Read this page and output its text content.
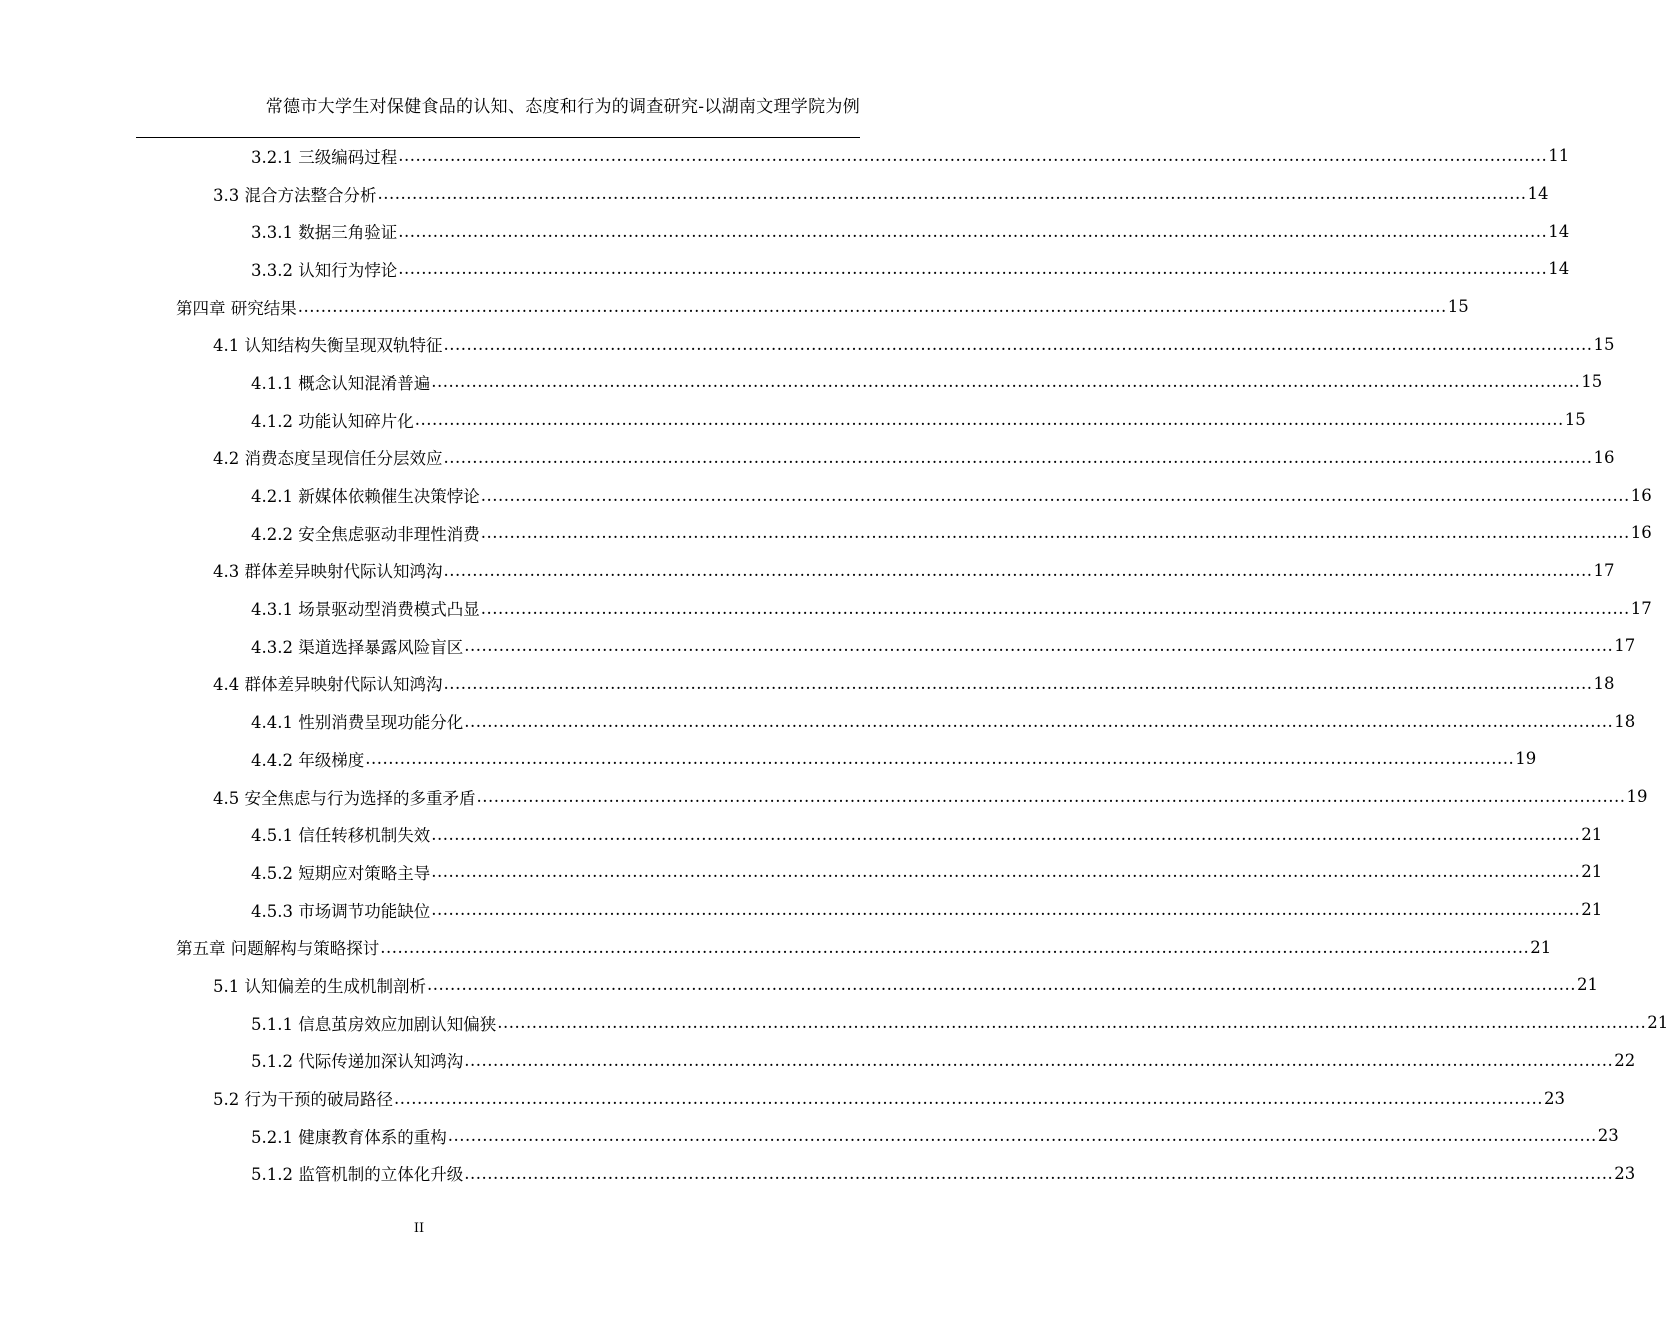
常德市大学生对保健食品的认知、态度和行为的调查研究-以湖南文理学院为例
3.2.1 三级编码过程 ........................................................................................................................................................................................................ 11
3.3 混合方法整合分析 ........................................................................................................................................................................................................ 14
3.3.1 数据三角验证 ........................................................................................................................................................................................................ 14
3.3.2 认知行为悖论 ........................................................................................................................................................................................................ 14
第四章 研究结果 ........................................................................................................................................................................................................ 15
4.1 认知结构失衡呈现双轨特征 ........................................................................................................................................................................................................ 15
4.1.1 概念认知混淆普遍 ........................................................................................................................................................................................................ 15
4.1.2 功能认知碎片化 ........................................................................................................................................................................................................ 15
4.2 消费态度呈现信任分层效应 ........................................................................................................................................................................................................ 16
4.2.1 新媒体依赖催生决策悖论 ........................................................................................................................................................................................................ 16
4.2.2 安全焦虑驱动非理性消费 ........................................................................................................................................................................................................ 16
4.3 群体差异映射代际认知鸿沟 ........................................................................................................................................................................................................ 17
4.3.1 场景驱动型消费模式凸显 ........................................................................................................................................................................................................ 17
4.3.2 渠道选择暴露风险盲区 ........................................................................................................................................................................................................ 17
4.4 群体差异映射代际认知鸿沟 ........................................................................................................................................................................................................ 18
4.4.1 性别消费呈现功能分化 ........................................................................................................................................................................................................ 18
4.4.2 年级梯度 ........................................................................................................................................................................................................ 19
4.5 安全焦虑与行为选择的多重矛盾 ........................................................................................................................................................................................................ 19
4.5.1 信任转移机制失效 ........................................................................................................................................................................................................ 21
4.5.2 短期应对策略主导 ........................................................................................................................................................................................................ 21
4.5.3 市场调节功能缺位 ........................................................................................................................................................................................................ 21
第五章 问题解构与策略探讨 ........................................................................................................................................................................................................ 21
5.1 认知偏差的生成机制剖析 ........................................................................................................................................................................................................ 21
5.1.1 信息茧房效应加剧认知偏狭 ........................................................................................................................................................................................................ 21
5.1.2 代际传递加深认知鸿沟 ........................................................................................................................................................................................................ 22
5.2 行为干预的破局路径 ........................................................................................................................................................................................................ 23
5.2.1 健康教育体系的重构 ........................................................................................................................................................................................................ 23
5.1.2 监管机制的立体化升级 ........................................................................................................................................................................................................ 23
II
